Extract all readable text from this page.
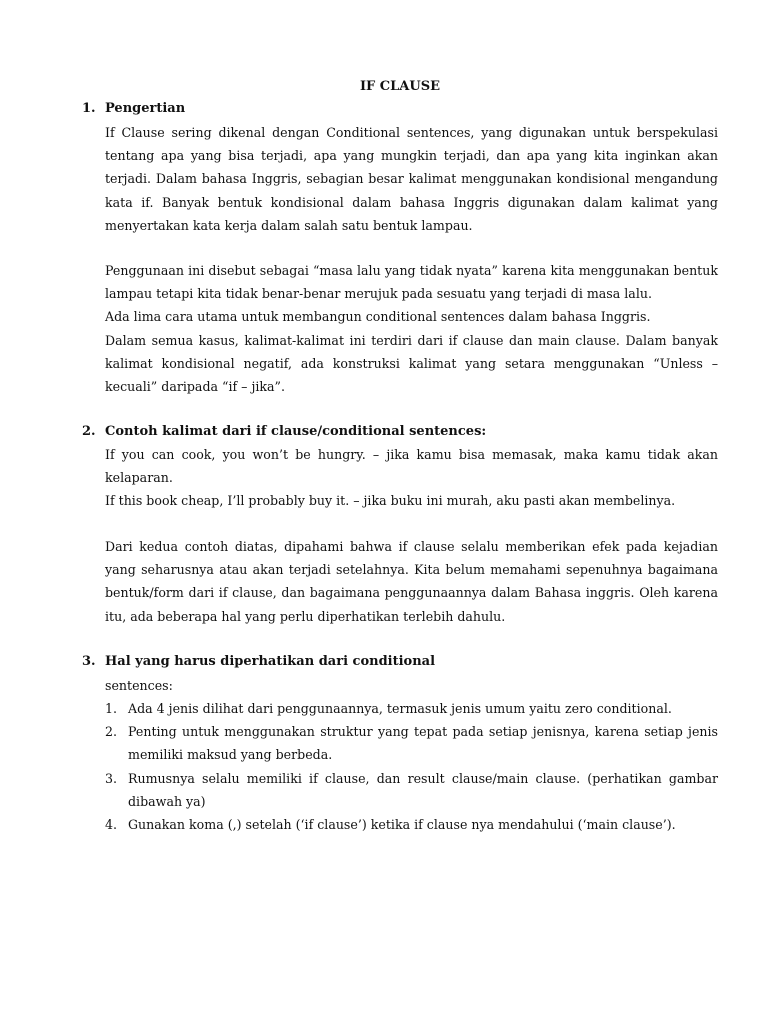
IF CLAUSE
1. Pengertian

If Clause sering dikenal dengan Conditional sentences, yang digunakan untuk berspekulasi tentang apa yang bisa terjadi, apa yang mungkin terjadi, dan apa yang kita inginkan akan terjadi. Dalam bahasa Inggris, sebagian besar kalimat menggunakan kondisional mengandung kata if. Banyak bentuk kondisional dalam bahasa Inggris digunakan dalam kalimat yang menyertakan kata kerja dalam salah satu bentuk lampau.

Penggunaan ini disebut sebagai “masa lalu yang tidak nyata” karena kita menggunakan bentuk lampau tetapi kita tidak benar-benar merujuk pada sesuatu yang terjadi di masa lalu.

Ada lima cara utama untuk membangun conditional sentences dalam bahasa Inggris.

Dalam semua kasus, kalimat-kalimat ini terdiri dari if clause dan main clause. Dalam banyak kalimat kondisional negatif, ada konstruksi kalimat yang setara menggunakan “Unless – kecuali” daripada “if – jika”.

2. Contoh kalimat dari if clause/conditional sentences:

If you can cook, you won’t be hungry. – jika kamu bisa memasak, maka kamu tidak akan kelaparan.

If this book cheap, I’ll probably buy it. – jika buku ini murah, aku pasti akan membelinya.

Dari kedua contoh diatas, dipahami bahwa if clause selalu memberikan efek pada kejadian yang seharusnya atau akan terjadi setelahnya. Kita belum memahami sepenuhnya bagaimana bentuk/form dari if clause, dan bagaimana penggunaannya dalam Bahasa inggris. Oleh karena itu, ada beberapa hal yang perlu diperhatikan terlebih dahulu.

3. Hal yang harus diperhatikan dari conditional
sentences:
1. Ada 4 jenis dilihat dari penggunaannya, termasuk jenis umum yaitu zero conditional.
2. Penting untuk menggunakan struktur yang tepat pada setiap jenisnya, karena setiap jenis memiliki maksud yang berbeda.
3. Rumusnya selalu memiliki if clause, dan result clause/main clause. (perhatikan gambar dibawah ya)
4. Gunakan koma (,) setelah (‘if clause’) ketika if clause nya mendahului (‘main clause’).
